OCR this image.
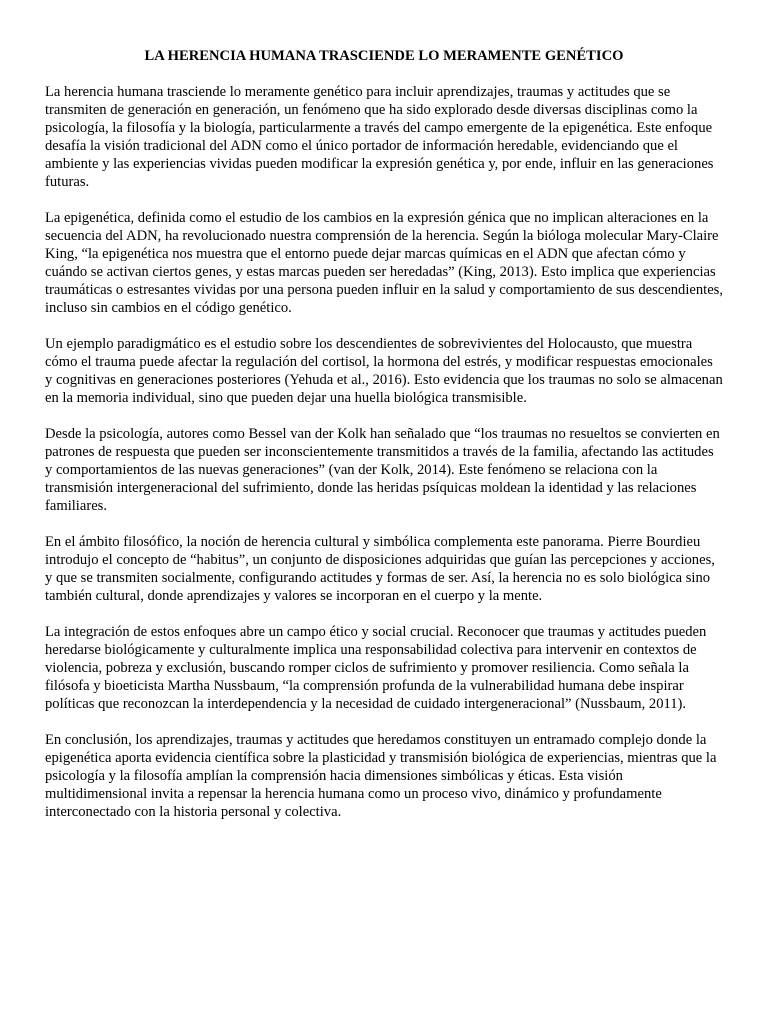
LA HERENCIA HUMANA TRASCIENDE LO MERAMENTE GENÉTICO

La herencia humana trasciende lo meramente genético para incluir aprendizajes, traumas y actitudes que se transmiten de generación en generación, un fenómeno que ha sido explorado desde diversas disciplinas como la psicología, la filosofía y la biología, particularmente a través del campo emergente de la epigenética. Este enfoque desafía la visión tradicional del ADN como el único portador de información heredable, evidenciando que el ambiente y las experiencias vividas pueden modificar la expresión genética y, por ende, influir en las generaciones futuras.

La epigenética, definida como el estudio de los cambios en la expresión génica que no implican alteraciones en la secuencia del ADN, ha revolucionado nuestra comprensión de la herencia. Según la bióloga molecular Mary-Claire King, “la epigenética nos muestra que el entorno puede dejar marcas químicas en el ADN que afectan cómo y cuándo se activan ciertos genes, y estas marcas pueden ser heredadas” (King, 2013). Esto implica que experiencias traumáticas o estresantes vividas por una persona pueden influir en la salud y comportamiento de sus descendientes, incluso sin cambios en el código genético.

Un ejemplo paradigmático es el estudio sobre los descendientes de sobrevivientes del Holocausto, que muestra cómo el trauma puede afectar la regulación del cortisol, la hormona del estrés, y modificar respuestas emocionales y cognitivas en generaciones posteriores (Yehuda et al., 2016). Esto evidencia que los traumas no solo se almacenan en la memoria individual, sino que pueden dejar una huella biológica transmisible.

Desde la psicología, autores como Bessel van der Kolk han señalado que “los traumas no resueltos se convierten en patrones de respuesta que pueden ser inconscientemente transmitidos a través de la familia, afectando las actitudes y comportamientos de las nuevas generaciones” (van der Kolk, 2014). Este fenómeno se relaciona con la transmisión intergeneracional del sufrimiento, donde las heridas psíquicas moldean la identidad y las relaciones familiares.

En el ámbito filosófico, la noción de herencia cultural y simbólica complementa este panorama. Pierre Bourdieu introdujo el concepto de “habitus”, un conjunto de disposiciones adquiridas que guían las percepciones y acciones, y que se transmiten socialmente, configurando actitudes y formas de ser. Así, la herencia no es solo biológica sino también cultural, donde aprendizajes y valores se incorporan en el cuerpo y la mente.

La integración de estos enfoques abre un campo ético y social crucial. Reconocer que traumas y actitudes pueden heredarse biológicamente y culturalmente implica una responsabilidad colectiva para intervenir en contextos de violencia, pobreza y exclusión, buscando romper ciclos de sufrimiento y promover resiliencia. Como señala la filósofa y bioeticista Martha Nussbaum, “la comprensión profunda de la vulnerabilidad humana debe inspirar políticas que reconozcan la interdependencia y la necesidad de cuidado intergeneracional” (Nussbaum, 2011).

En conclusión, los aprendizajes, traumas y actitudes que heredamos constituyen un entramado complejo donde la epigenética aporta evidencia científica sobre la plasticidad y transmisión biológica de experiencias, mientras que la psicología y la filosofía amplían la comprensión hacia dimensiones simbólicas y éticas. Esta visión multidimensional invita a repensar la herencia humana como un proceso vivo, dinámico y profundamente interconectado con la historia personal y colectiva.
